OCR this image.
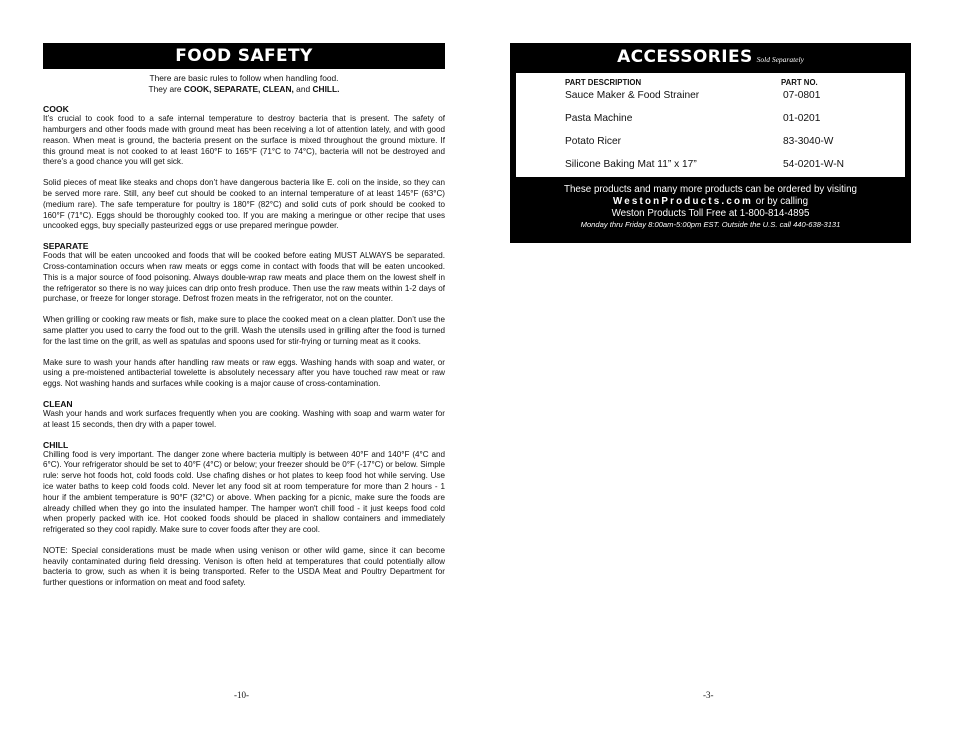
FOOD SAFETY
There are basic rules to follow when handling food.
They are COOK, SEPARATE, CLEAN, and CHILL.
COOK

It’s crucial to cook food to a safe internal temperature to destroy bacteria that is present. The safety of hamburgers and other foods made with ground meat has been receiving a lot of attention lately, and with good reason. When meat is ground, the bacteria present on the surface is mixed throughout the ground mixture. If this ground meat is not cooked to at least 160°F to 165°F (71°C to 74°C), bacteria will not be destroyed and there’s a good chance you will get sick.

Solid pieces of meat like steaks and chops don’t have dangerous bacteria like E. coli on the inside, so they can be served more rare. Still, any beef cut should be cooked to an internal temperature of at least 145°F (63°C) (medium rare). The safe temperature for poultry is 180°F (82°C) and solid cuts of pork should be cooked to 160°F (71°C). Eggs should be thoroughly cooked too. If you are making a meringue or other recipe that uses uncooked eggs, buy specially pasteurized eggs or use prepared meringue powder.

SEPARATE

Foods that will be eaten uncooked and foods that will be cooked before eating MUST ALWAYS be separated. Cross-contamination occurs when raw meats or eggs come in contact with foods that will be eaten uncooked. This is a major source of food poisoning. Always double-wrap raw meats and place them on the lowest shelf in the refrigerator so there is no way juices can drip onto fresh produce. Then use the raw meats within 1-2 days of purchase, or freeze for longer storage. Defrost frozen meats in the refrigerator, not on the counter.

When grilling or cooking raw meats or fish, make sure to place the cooked meat on a clean platter. Don’t use the same platter you used to carry the food out to the grill. Wash the utensils used in grilling after the food is turned for the last time on the grill, as well as spatulas and spoons used for stir-frying or turning meat as it cooks.

Make sure to wash your hands after handling raw meats or raw eggs. Washing hands with soap and water, or using a pre-moistened antibacterial towelette is absolutely necessary after you have touched raw meat or raw eggs. Not washing hands and surfaces while cooking is a major cause of cross-contamination.

CLEAN

Wash your hands and work surfaces frequently when you are cooking. Washing with soap and warm water for at least 15 seconds, then dry with a paper towel.

CHILL

Chilling food is very important. The danger zone where bacteria multiply is between 40°F and 140°F (4°C and 6°C). Your refrigerator should be set to 40°F (4°C) or below; your freezer should be 0°F (-17°C) or below. Simple rule: serve hot foods hot, cold foods cold. Use chafing dishes or hot plates to keep food hot while serving. Use ice water baths to keep cold foods cold. Never let any food sit at room temperature for more than 2 hours - 1 hour if the ambient temperature is 90°F (32°C) or above. When packing for a picnic, make sure the foods are already chilled when they go into the insulated hamper. The hamper won't chill food - it just keeps food cold when properly packed with ice. Hot cooked foods should be placed in shallow containers and immediately refrigerated so they cool rapidly. Make sure to cover foods after they are cool.

NOTE: Special considerations must be made when using venison or other wild game, since it can become heavily contaminated during field dressing. Venison is often held at temperatures that could potentially allow bacteria to grow, such as when it is being transported. Refer to the USDA Meat and Poultry Department for further questions or information on meat and food safety.

-10-
ACCESSORIES Sold Separately
PART DESCRIPTION	PART NO.
Sauce Maker & Food Strainer	07-0801
Pasta Machine	01-0201
Potato Ricer	83-3040-W
Silicone Baking Mat 11” x 17”	54-0201-W-N
These products and many more products can be ordered by visiting
WestonProducts.com or by calling
Weston Products Toll Free at 1-800-814-4895
Monday thru Friday 8:00am-5:00pm EST. Outside the U.S. call 440-638-3131
-3-
